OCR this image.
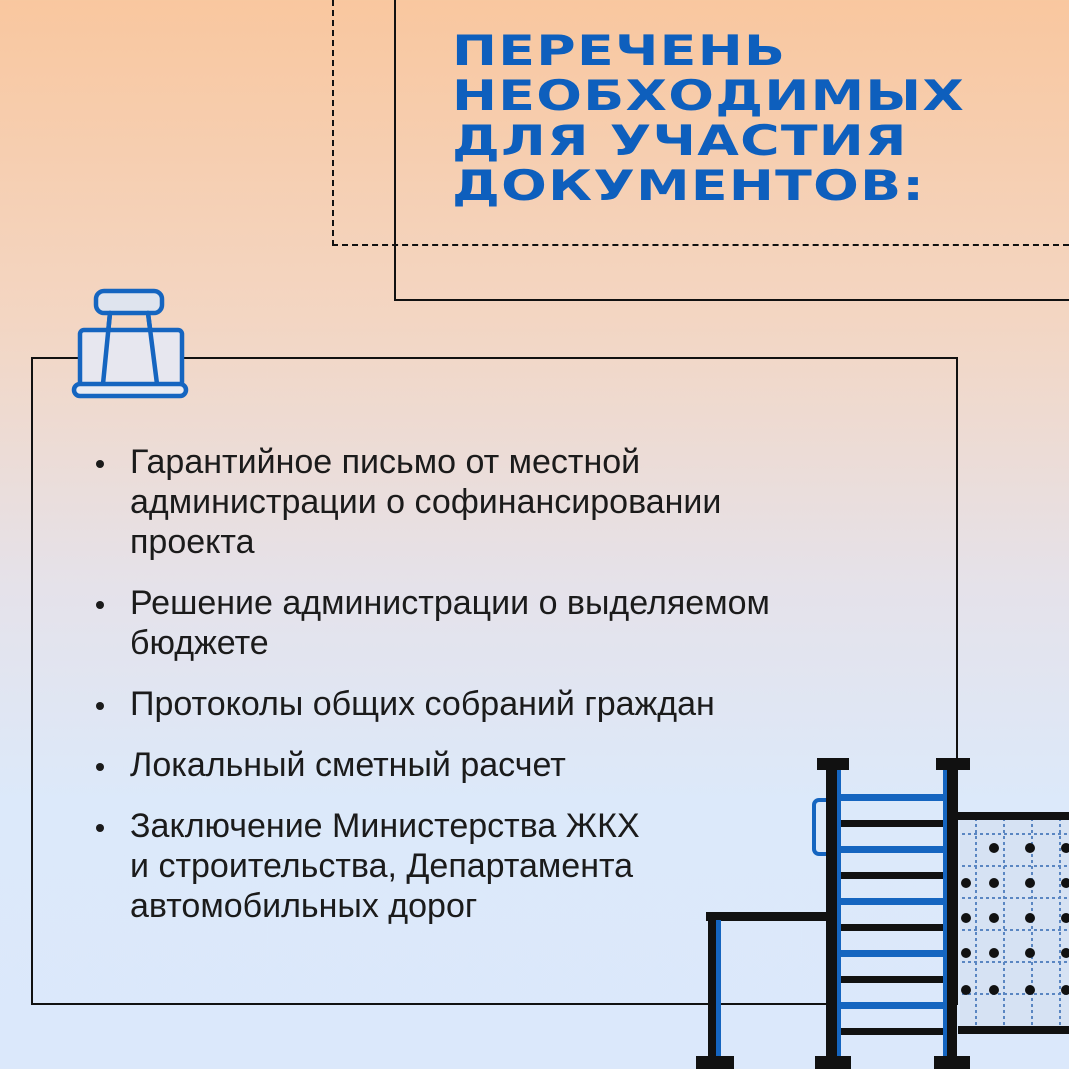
ПЕРЕЧЕНЬ
НЕОБХОДИМЫХ
ДЛЯ УЧАСТИЯ
ДОКУМЕНТОВ:
Гарантийное письмо от местной
администрации о софинансировании
проекта
Решение администрации о выделяемом
бюджете
Протоколы общих собраний граждан
Локальный сметный расчет
Заключение Министерства ЖКХ
и строительства, Департамента
автомобильных дорог
